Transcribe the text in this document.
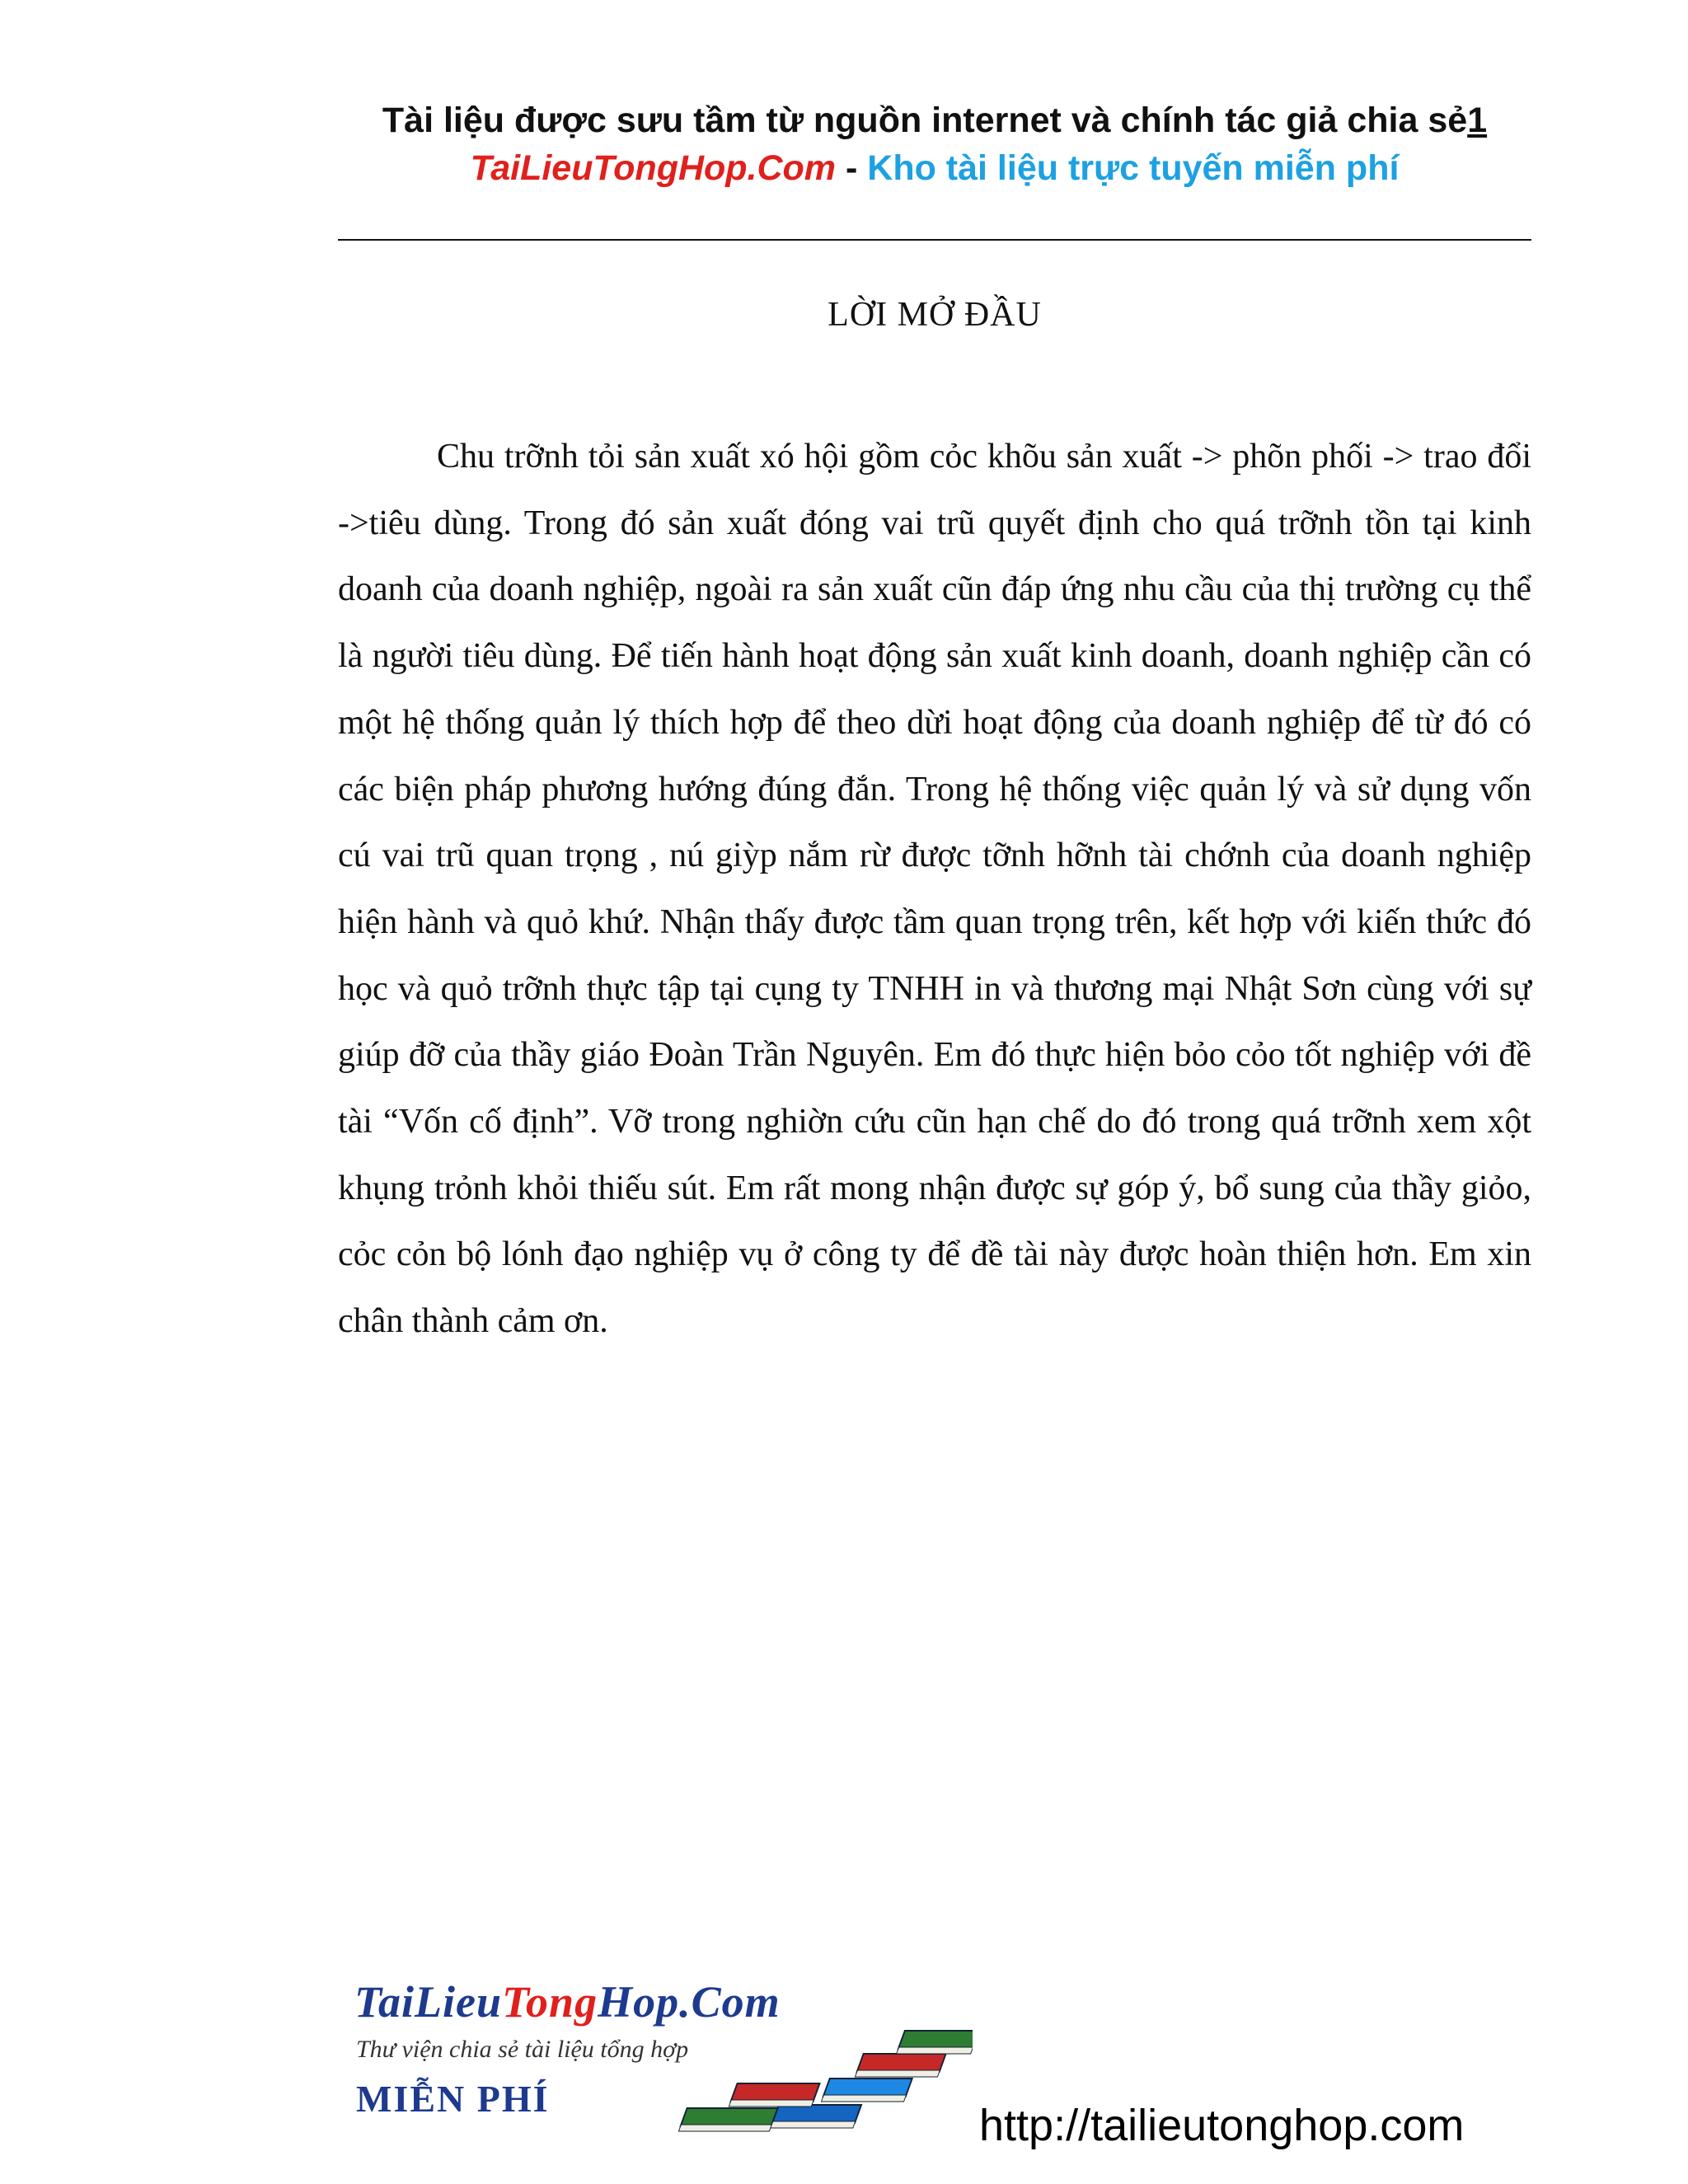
Tài liệu được sưu tầm từ nguồn internet và chính tác giả chia sẻ1
TaiLieuTongHop.Com - Kho tài liệu trực tuyến miễn phí
LỜI MỞ ĐẦU

Chu trỡnh tỏi sản xuất xó hội gồm cỏc khõu sản xuất -> phõn phối -> trao đổi ->tiêu dùng. Trong đó sản xuất đóng vai trũ quyết định cho quá trỡnh tồn tại kinh doanh của doanh nghiệp, ngoài ra sản xuất cũn đáp ứng nhu cầu của thị trường cụ thể là người tiêu dùng. Để tiến hành hoạt động sản xuất kinh doanh, doanh nghiệp cần có một hệ thống quản lý thích hợp để theo dừi hoạt động của doanh nghiệp để từ đó có các biện pháp phương hướng đúng đắn. Trong hệ thống việc quản lý và sử dụng vốn cú vai trũ quan trọng , nú giỳp nắm rừ được tỡnh hỡnh tài chớnh của doanh nghiệp hiện hành và quỏ khứ. Nhận thấy được tầm quan trọng trên, kết hợp với kiến thức đó học và quỏ trỡnh thực tập tại cụng ty TNHH in và thương mại Nhật Sơn cùng với sự giúp đỡ của thầy giáo Đoàn Trần Nguyên. Em đó thực hiện bỏo cỏo tốt nghiệp với đề tài “Vốn cố định”. Vỡ trong nghiờn cứu cũn hạn chế do đó trong quá trỡnh xem xột khụng trỏnh khỏi thiếu sút. Em rất mong nhận được sự góp ý, bổ sung của thầy giỏo, cỏc cỏn bộ lónh đạo nghiệp vụ ở công ty để đề tài này được hoàn thiện hơn. Em xin chân thành cảm ơn.

TaiLieuTongHop.Com
Thư viện chia sẻ tài liệu tổng hợp
MIỄN PHÍ
http://tailieutonghop.com
